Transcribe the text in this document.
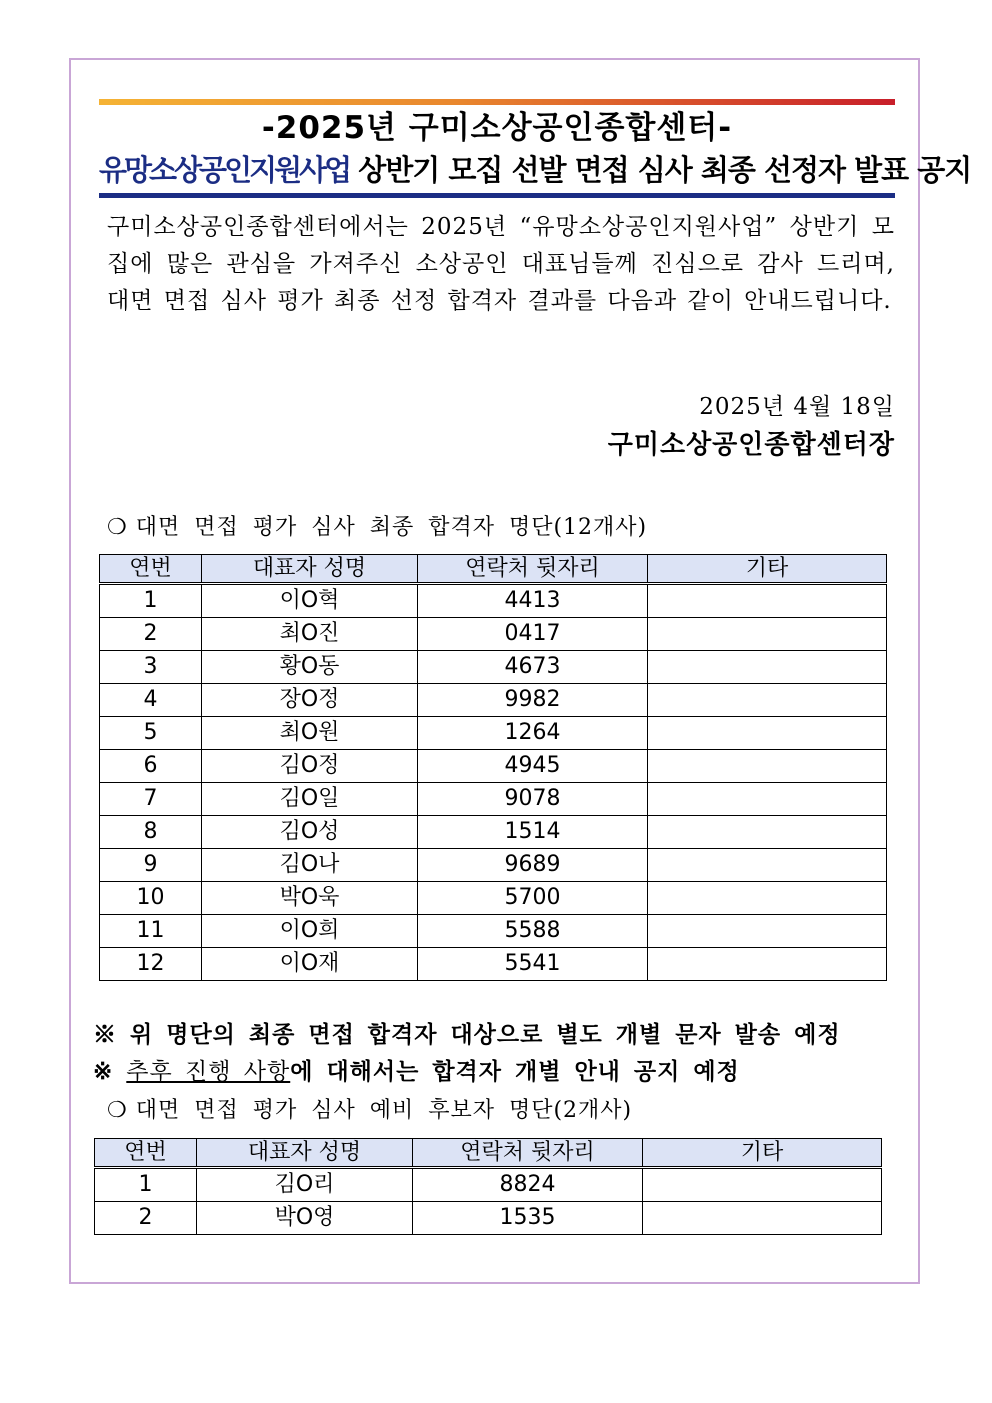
-2025년 구미소상공인종합센터-
유망소상공인지원사업 상반기 모집 선발 면접 심사 최종 선정자 발표 공지

구미소상공인종합센터에서는 2025년 “유망소상공인지원사업” 상반기 모집에 많은 관심을 가져주신 소상공인 대표님들께 진심으로 감사 드리며, 대면 면접 심사 평가 최종 선정 합격자 결과를 다음과 같이 안내드립니다.

2025년 4월 18일
구미소상공인종합센터장
❍ 대면 면접 평가 심사 최종 합격자 명단(12개사)
연번	대표자 성명	연락처 뒷자리	기타
1	이O혁	4413	
2	최O진	0417	
3	황O동	4673	
4	장O정	9982	
5	최O원	1264	
6	김O정	4945	
7	김O일	9078	
8	김O성	1514	
9	김O나	9689	
10	박O욱	5700	
11	이O희	5588	
12	이O재	5541	
※ 위 명단의 최종 면접 합격자 대상으로 별도 개별 문자 발송 예정
※ 추후 진행 사항에 대해서는 합격자 개별 안내 공지 예정
❍ 대면 면접 평가 심사 예비 후보자 명단(2개사)
연번	대표자 성명	연락처 뒷자리	기타
1	김O리	8824	
2	박O영	1535	
